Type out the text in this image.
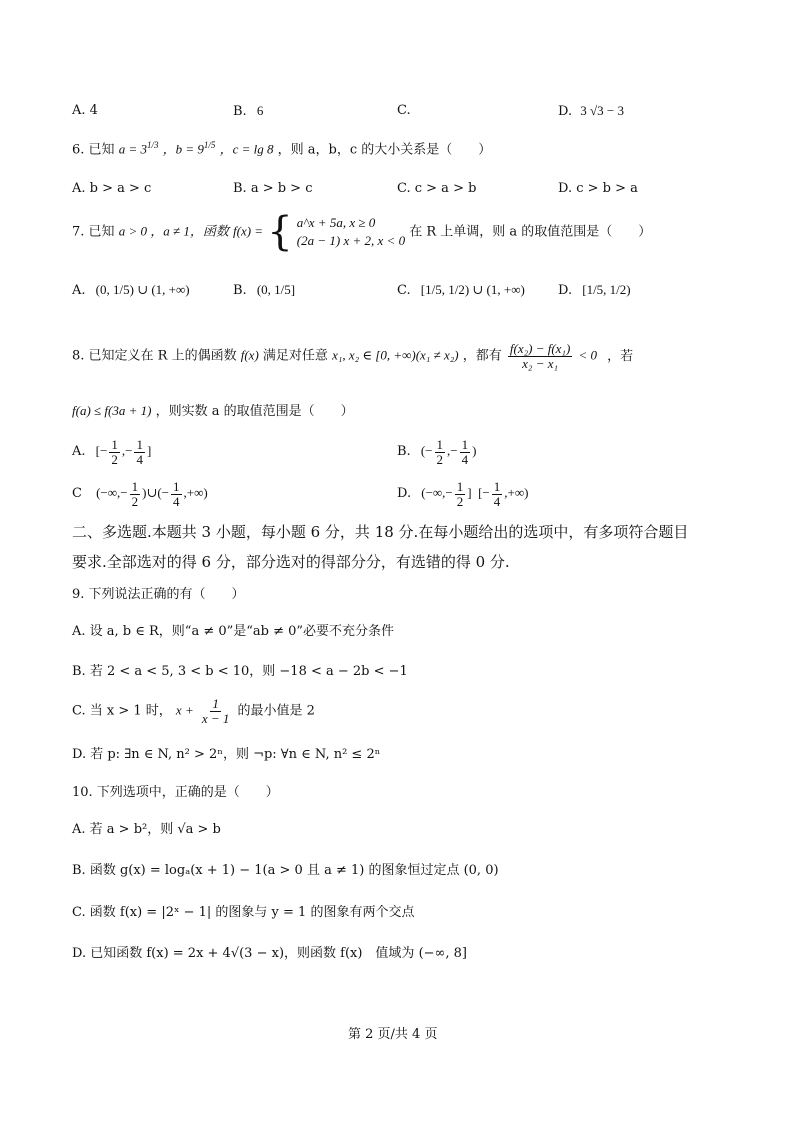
A. 4	B. 6	C.	D. 3 √3 − 3
6. 已知 $a = 3^{1/3}$ ，$b = 9^{1/5}$ ，c = lg 8 ，则 a，b，c 的大小关系是（　　）
A. b > a > c	B. a > b > c	C. c > a > b	D. c > b > a
7. 已知 a > 0 ，a ≠ 1，函数 f(x) = { a^x + 5a, x ≥ 0
(2a − 1) x + 2, x < 0
在 R 上单调，则 a 的取值范围是（　　）
A. (0, 1/5) ∪ (1, +∞)	B. (0, 1/5]	C. [1/5, 1/2) ∪ (1, +∞)	D. [1/5, 1/2)
8. 已知定义在 R 上的偶函数 f(x) 满足对任意 x₁, x₂ ∈ [0, +∞)(x₁ ≠ x₂) ，都有 $\frac{\text{f(x₂) − f(x₁)}}{\text{x₂ − x₁}} < 0$ ，若
f(a) ≤ f(3a + 1) ，则实数 a 的取值范围是（　　）
A. [− $\frac{1}{2}$ ,− $\frac{1}{4}$ ]	B. (− $\frac{1}{2}$ ,− $\frac{1}{4}$ )
C (−∞,− $\frac{1}{2}$ )∪(− $\frac{1}{4}$ ,+∞)	D. (−∞,− $\frac{1}{2}$ ]  [− $\frac{1}{4}$ ,+∞)
二、多选题.本题共 3 小题，每小题 6 分，共 18 分.在每小题给出的选项中，有多项符合题目
要求.全部选对的得 6 分，部分选对的得部分分，有选错的得 0 分.
9. 下列说法正确的有（　　）
A. 设 a, b ∈ R，则“a ≠ 0”是“ab ≠ 0”必要不充分条件
B. 若 2 < a < 5, 3 < b < 10，则 −18 < a − 2b < −1
C. 当 x > 1 时， $x + \frac{1}{x - 1}$ 的最小值是 2
D. 若 p: ∃n ∈ N, n² > 2ⁿ，则 ¬p: ∀n ∈ N, n² ≤ 2ⁿ
10. 下列选项中，正确的是（　　）
A. 若 a > b²，则 √a > b
B. 函数 g(x) = logₐ(x + 1) − 1(a > 0 且 a ≠ 1) 的图象恒过定点 (0, 0)
C. 函数 f(x) = |2ˣ − 1| 的图象与 y = 1 的图象有两个交点
D. 已知函数 f(x) = 2x + 4√(3 − x)，则函数 f(x)　值域为 (−∞, 8]
第 2 页/共 4 页
